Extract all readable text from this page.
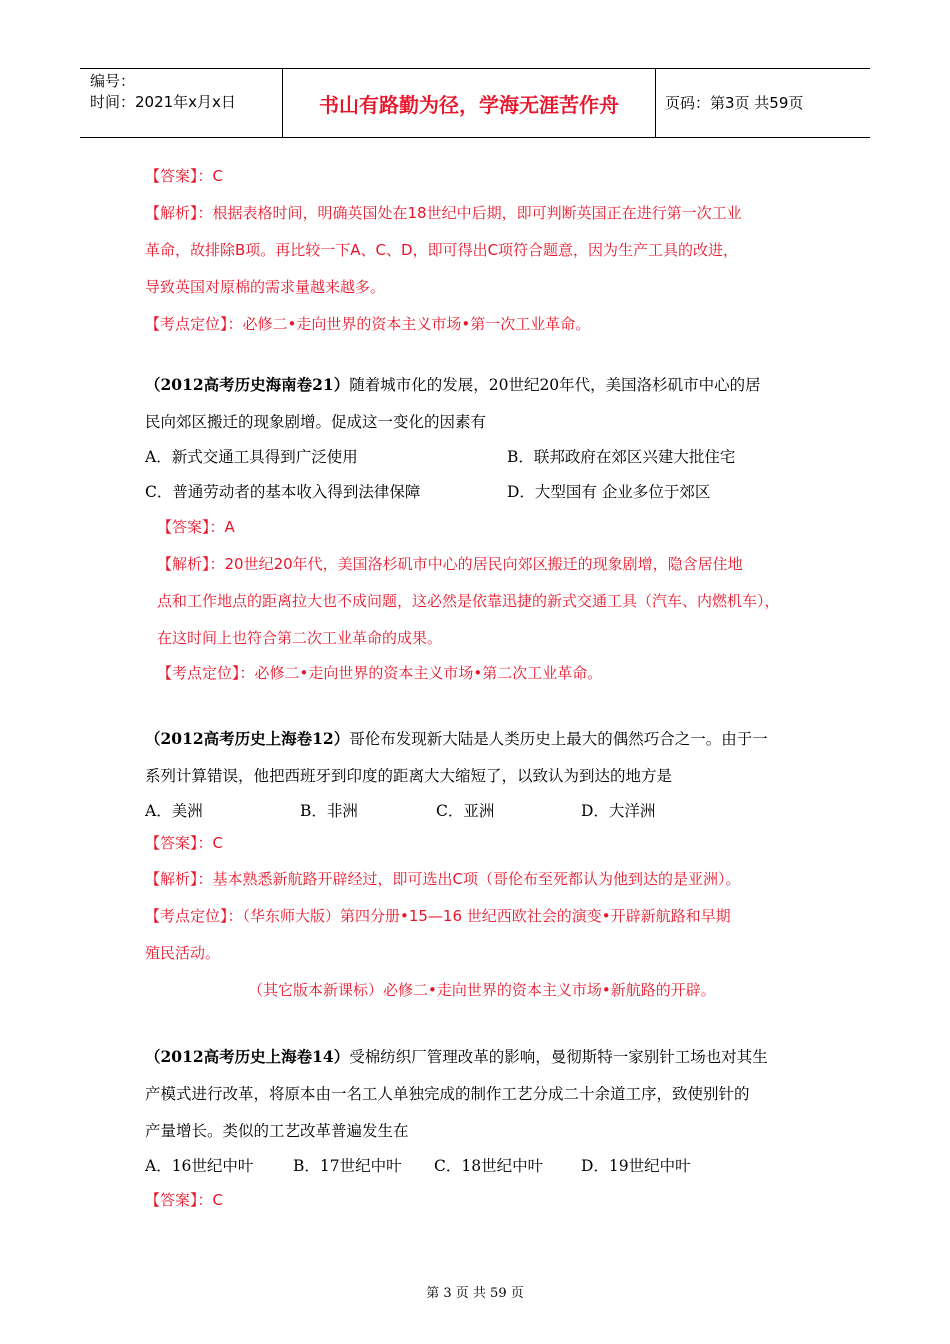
编号：
时间：2021年x月x日	书山有路勤为径，学海无涯苦作舟	页码：第3页 共59页
【答案】：C
【解析】：根据表格时间，明确英国处在18世纪中后期，即可判断英国正在进行第一次工业
革命，故排除B项。再比较一下A、C、D，即可得出C项符合题意，因为生产工具的改进，
导致英国对原棉的需求量越来越多。
【考点定位】：必修二•走向世界的资本主义市场•第一次工业革命。
（2012高考历史海南卷21）随着城市化的发展，20世纪20年代，美国洛杉矶市中心的居
民向郊区搬迁的现象剧增。促成这一变化的因素有
A．新式交通工具得到广泛使用	B．联邦政府在郊区兴建大批住宅
C．普通劳动者的基本收入得到法律保障	D．大型国有 企业多位于郊区
【答案】：A
【解析】：20世纪20年代，美国洛杉矶市中心的居民向郊区搬迁的现象剧增，隐含居住地
点和工作地点的距离拉大也不成问题，这必然是依靠迅捷的新式交通工具（汽车、内燃机车），
在这时间上也符合第二次工业革命的成果。
【考点定位】：必修二•走向世界的资本主义市场•第二次工业革命。
（2012高考历史上海卷12）哥伦布发现新大陆是人类历史上最大的偶然巧合之一。由于一
系列计算错误，他把西班牙到印度的距离大大缩短了，以致认为到达的地方是
A．美洲	B．非洲	C．亚洲	D．大洋洲
【答案】：C
【解析】：基本熟悉新航路开辟经过，即可选出C项（哥伦布至死都认为他到达的是亚洲）。
【考点定位】：（华东师大版）第四分册•15—16 世纪西欧社会的演变•开辟新航路和早期
殖民活动。
（其它版本新课标）必修二•走向世界的资本主义市场•新航路的开辟。
（2012高考历史上海卷14）受棉纺织厂管理改革的影响，曼彻斯特一家别针工场也对其生
产模式进行改革，将原本由一名工人单独完成的制作工艺分成二十余道工序，致使别针的
产量增长。类似的工艺改革普遍发生在
A．16世纪中叶	B．17世纪中叶 C．18世纪中叶 D．19世纪中叶
【答案】：C
第 3 页 共 59 页
